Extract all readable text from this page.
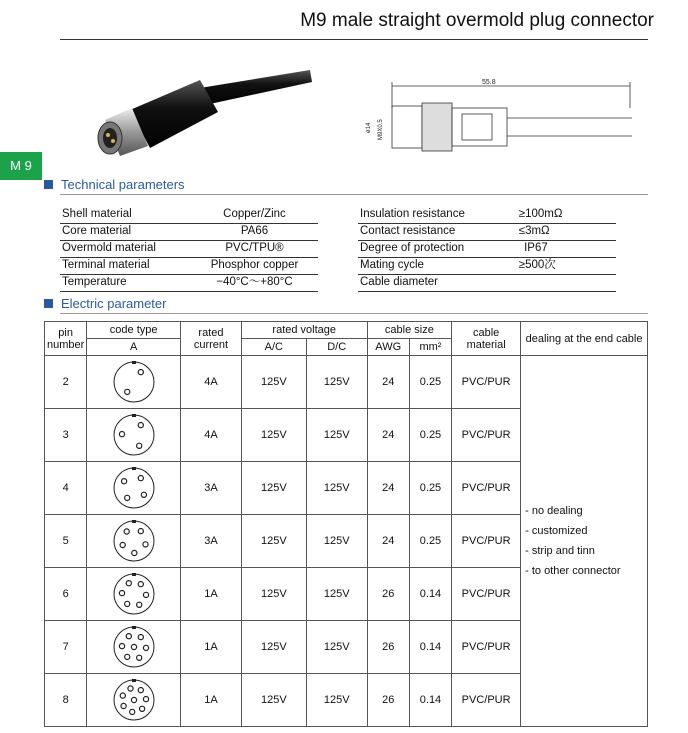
M9 male straight overmold plug connector
M 9
55.8
ø14 M9X0.5
Technical parameters
Shell material	Copper/Zinc
Core material	PA66
Overmold material	PVC/TPU®
Terminal material	Phosphor copper
Temperature	−40°C～+80°C
Insulation resistance	≥100mΩ
Contact resistance	≤3mΩ
Degree of protection	IP67
Mating cycle	≥500次
Cable diameter
Electric parameter
pin number	code type	rated current	rated voltage		cable size		cable material	dealing at the end cable
	A		A/C	D/C	AWG	mm²		
2		4A	125V	125V	24	0.25	PVC/PUR	- no dealing
- customized
- strip and tinn
- to other connector

3		4A	125V	125V	24	0.25	PVC/PUR	
4		3A	125V	125V	24	0.25	PVC/PUR	
5		3A	125V	125V	24	0.25	PVC/PUR	
6		1A	125V	125V	26	0.14	PVC/PUR	
7		1A	125V	125V	26	0.14	PVC/PUR	
8		1A	125V	125V	26	0.14	PVC/PUR	
